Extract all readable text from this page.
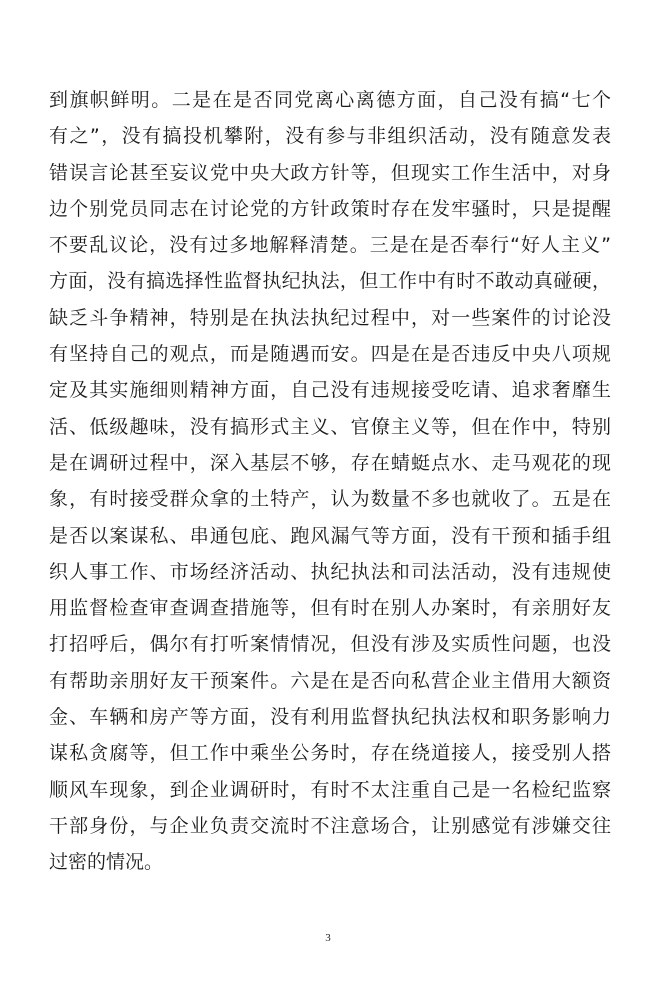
到旗帜鲜明。二是在是否同党离心离德方面，自己没有搞“七个
有之”，没有搞投机攀附，没有参与非组织活动，没有随意发表
错误言论甚至妄议党中央大政方针等，但现实工作生活中，对身
边个别党员同志在讨论党的方针政策时存在发牢骚时，只是提醒
不要乱议论，没有过多地解释清楚。三是在是否奉行“好人主义”
方面，没有搞选择性监督执纪执法，但工作中有时不敢动真碰硬，
缺乏斗争精神，特别是在执法执纪过程中，对一些案件的讨论没
有坚持自己的观点，而是随遇而安。四是在是否违反中央八项规
定及其实施细则精神方面，自己没有违规接受吃请、追求奢靡生
活、低级趣味，没有搞形式主义、官僚主义等，但在作中，特别
是在调研过程中，深入基层不够，存在蜻蜓点水、走马观花的现
象，有时接受群众拿的土特产，认为数量不多也就收了。五是在
是否以案谋私、串通包庇、跑风漏气等方面，没有干预和插手组
织人事工作、市场经济活动、执纪执法和司法活动，没有违规使
用监督检查审查调查措施等，但有时在别人办案时，有亲朋好友
打招呼后，偶尔有打听案情情况，但没有涉及实质性问题，也没
有帮助亲朋好友干预案件。六是在是否向私营企业主借用大额资
金、车辆和房产等方面，没有利用监督执纪执法权和职务影响力
谋私贪腐等，但工作中乘坐公务时，存在绕道接人，接受别人搭
顺风车现象，到企业调研时，有时不太注重自己是一名检纪监察
干部身份，与企业负责交流时不注意场合，让别感觉有涉嫌交往
过密的情况。
3
